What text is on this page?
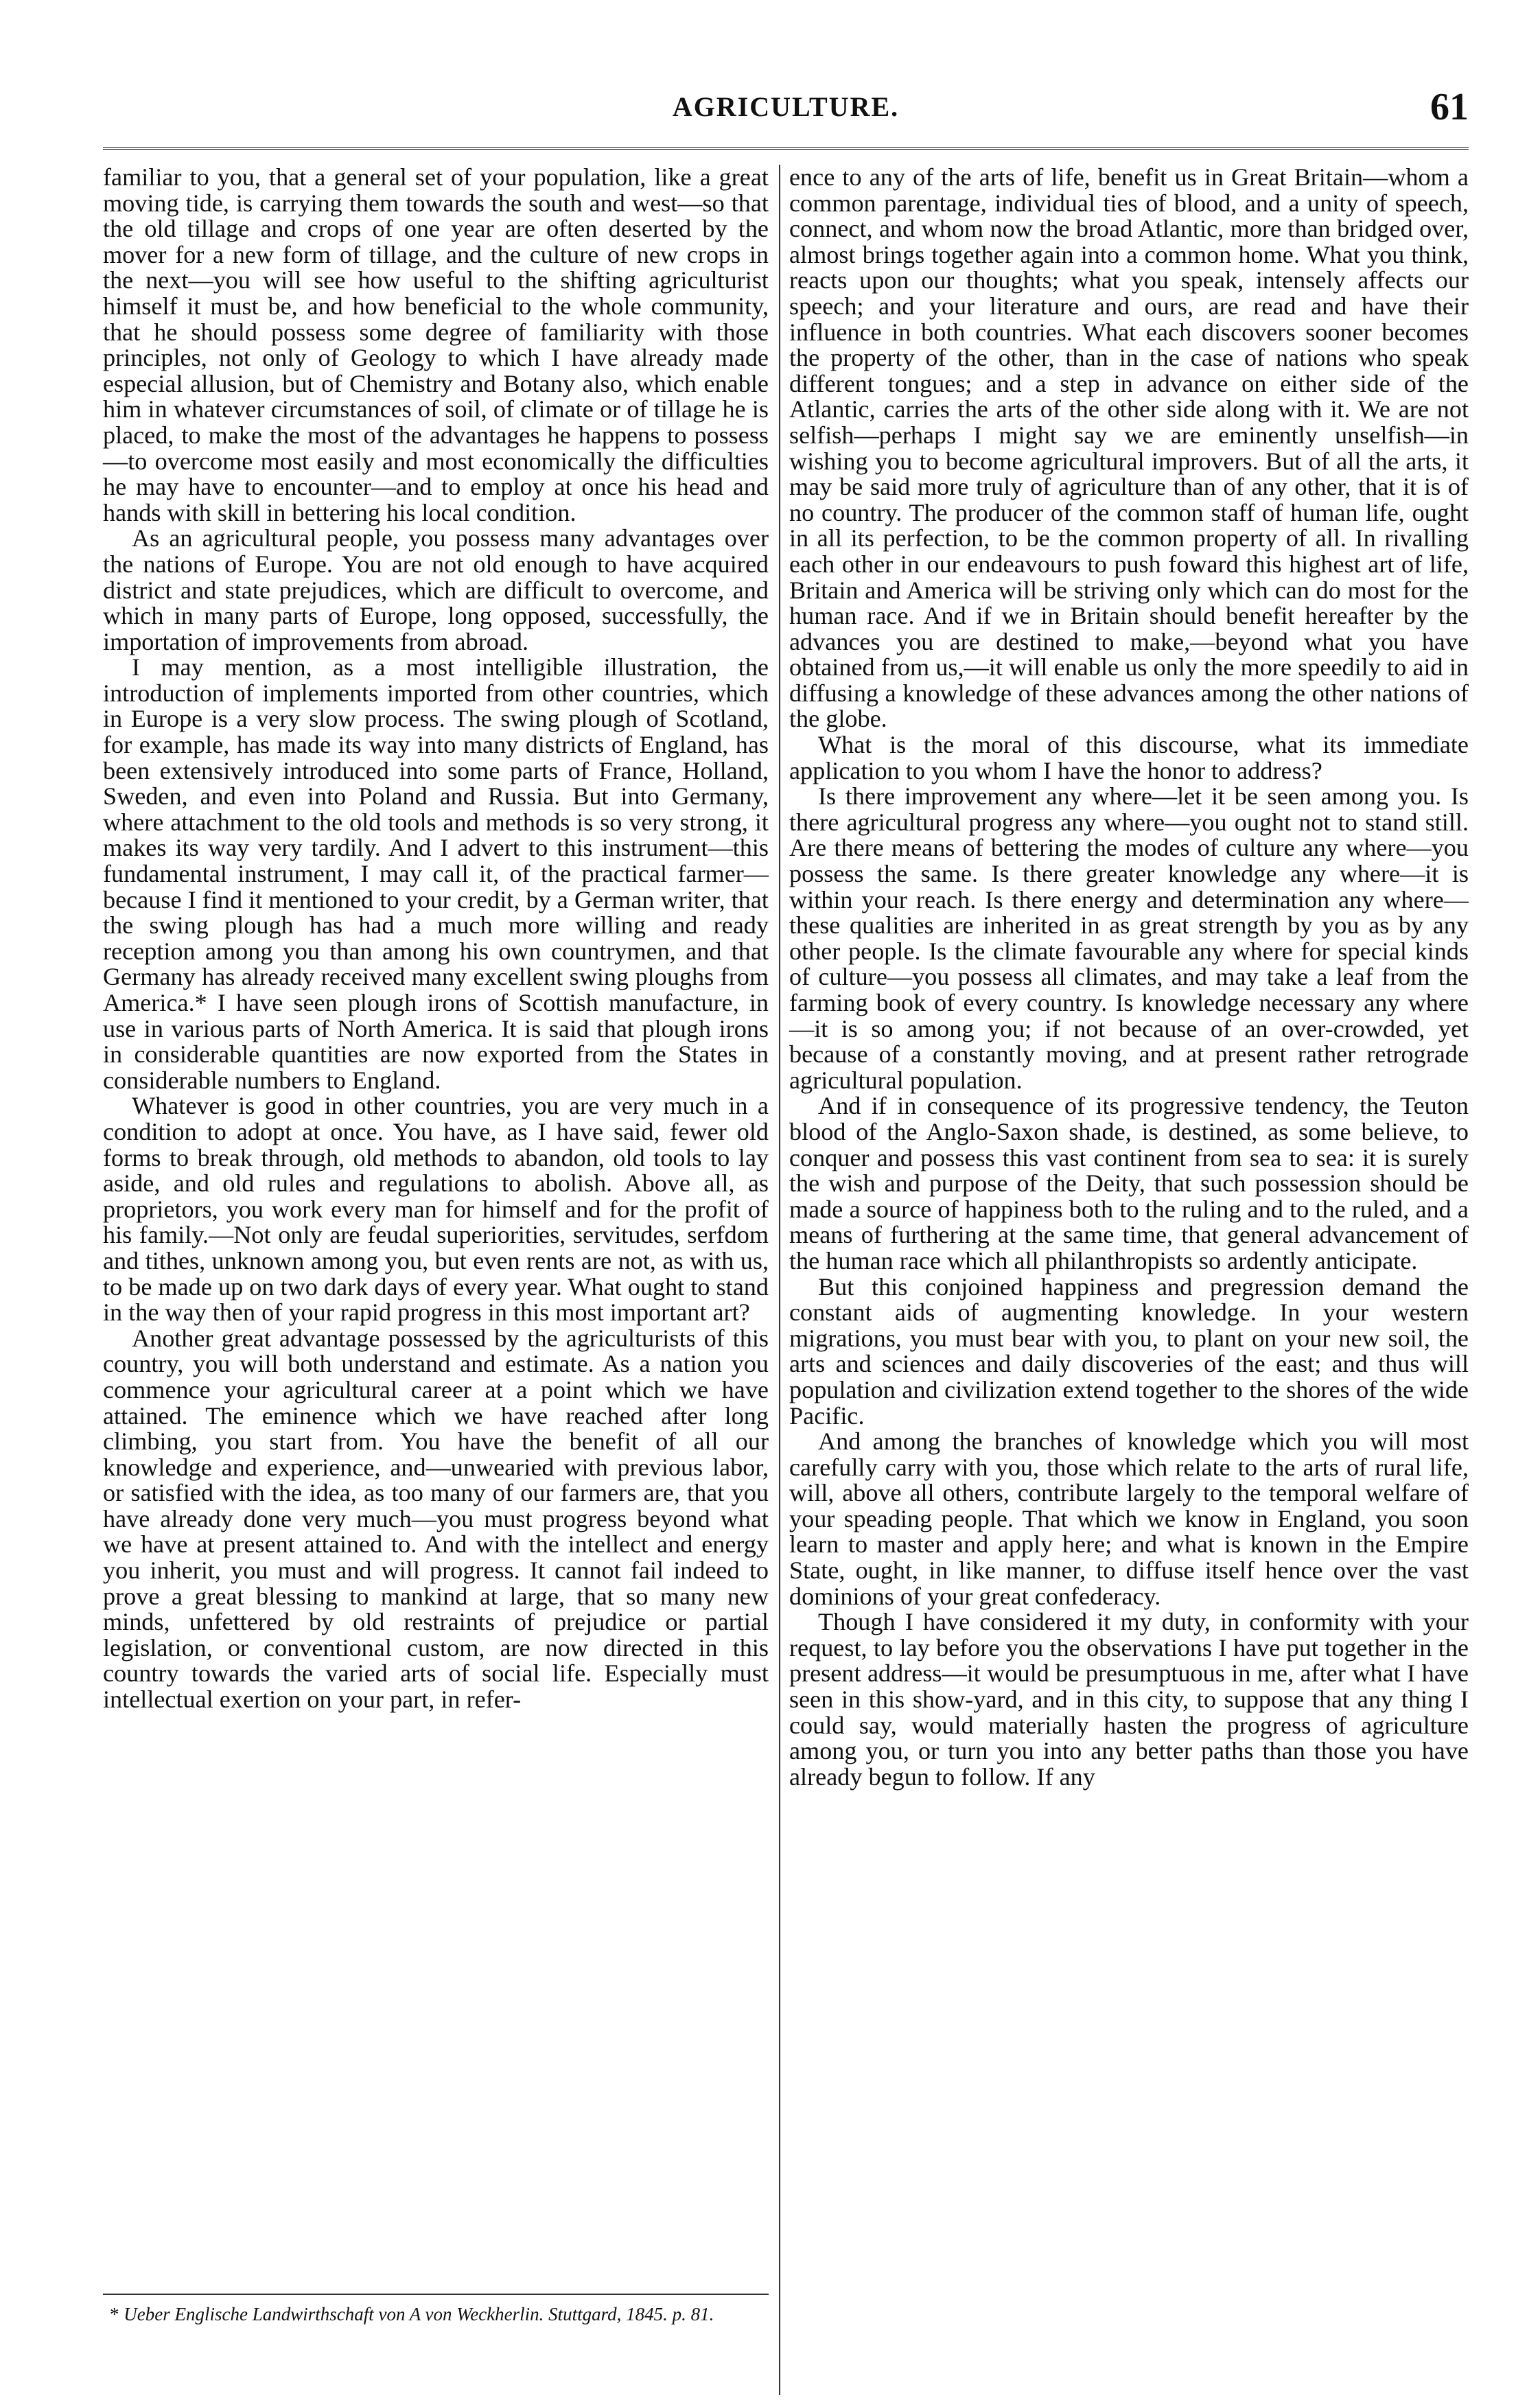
AGRICULTURE.	61

familiar to you, that a general set of your population, like a great moving tide, is carrying them towards the south and west—so that the old tillage and crops of one year are often deserted by the mover for a new form of tillage, and the culture of new crops in the next—you will see how useful to the shifting agriculturist himself it must be, and how beneficial to the whole community, that he should possess some degree of familiarity with those principles, not only of Geology to which I have already made especial allusion, but of Chemistry and Botany also, which enable him in whatever circumstances of soil, of climate or of tillage he is placed, to make the most of the advantages he happens to possess—to overcome most easily and most economically the difficulties he may have to encounter—and to employ at once his head and hands with skill in bettering his local condition.

As an agricultural people, you possess many advantages over the nations of Europe. You are not old enough to have acquired district and state prejudices, which are difficult to overcome, and which in many parts of Europe, long opposed, successfully, the importation of improvements from abroad.

I may mention, as a most intelligible illustration, the introduction of implements imported from other countries, which in Europe is a very slow process. The swing plough of Scotland, for example, has made its way into many districts of England, has been extensively introduced into some parts of France, Holland, Sweden, and even into Poland and Russia. But into Germany, where attachment to the old tools and methods is so very strong, it makes its way very tardily. And I advert to this instrument—this fundamental instrument, I may call it, of the practical farmer—because I find it mentioned to your credit, by a German writer, that the swing plough has had a much more willing and ready reception among you than among his own countrymen, and that Germany has already received many excellent swing ploughs from America.* I have seen plough irons of Scottish manufacture, in use in various parts of North America. It is said that plough irons in considerable quantities are now exported from the States in considerable numbers to England.

Whatever is good in other countries, you are very much in a condition to adopt at once. You have, as I have said, fewer old forms to break through, old methods to abandon, old tools to lay aside, and old rules and regulations to abolish. Above all, as proprietors, you work every man for himself and for the profit of his family.—Not only are feudal superiorities, servitudes, serfdom and tithes, unknown among you, but even rents are not, as with us, to be made up on two dark days of every year. What ought to stand in the way then of your rapid progress in this most important art?

Another great advantage possessed by the agriculturists of this country, you will both understand and estimate. As a nation you commence your agricultural career at a point which we have attained. The eminence which we have reached after long climbing, you start from. You have the benefit of all our knowledge and experience, and—unwearied with previous labor, or satisfied with the idea, as too many of our farmers are, that you have already done very much—you must progress beyond what we have at present attained to. And with the intellect and energy you inherit, you must and will progress. It cannot fail indeed to prove a great blessing to mankind at large, that so many new minds, unfettered by old restraints of prejudice or partial legislation, or conventional custom, are now directed in this country towards the varied arts of social life. Especially must intellectual exertion on your part, in refer-

ence to any of the arts of life, benefit us in Great Britain—whom a common parentage, individual ties of blood, and a unity of speech, connect, and whom now the broad Atlantic, more than bridged over, almost brings together again into a common home. What you think, reacts upon our thoughts; what you speak, intensely affects our speech; and your literature and ours, are read and have their influence in both countries. What each discovers sooner becomes the property of the other, than in the case of nations who speak different tongues; and a step in advance on either side of the Atlantic, carries the arts of the other side along with it. We are not selfish—perhaps I might say we are eminently unselfish—in wishing you to become agricultural improvers. But of all the arts, it may be said more truly of agriculture than of any other, that it is of no country. The producer of the common staff of human life, ought in all its perfection, to be the common property of all. In rivalling each other in our endeavours to push foward this highest art of life, Britain and America will be striving only which can do most for the human race. And if we in Britain should benefit hereafter by the advances you are destined to make,—beyond what you have obtained from us,—it will enable us only the more speedily to aid in diffusing a knowledge of these advances among the other nations of the globe.

What is the moral of this discourse, what its immediate application to you whom I have the honor to address?

Is there improvement any where—let it be seen among you. Is there agricultural progress any where—you ought not to stand still. Are there means of bettering the modes of culture any where—you possess the same. Is there greater knowledge any where—it is within your reach. Is there energy and determination any where—these qualities are inherited in as great strength by you as by any other people. Is the climate favourable any where for special kinds of culture—you possess all climates, and may take a leaf from the farming book of every country. Is knowledge necessary any where—it is so among you; if not because of an over-crowded, yet because of a constantly moving, and at present rather retrograde agricultural population.

And if in consequence of its progressive tendency, the Teuton blood of the Anglo-Saxon shade, is destined, as some believe, to conquer and possess this vast continent from sea to sea: it is surely the wish and purpose of the Deity, that such possession should be made a source of happiness both to the ruling and to the ruled, and a means of furthering at the same time, that general advancement of the human race which all philanthropists so ardently anticipate.

But this conjoined happiness and pregression demand the constant aids of augmenting knowledge. In your western migrations, you must bear with you, to plant on your new soil, the arts and sciences and daily discoveries of the east; and thus will population and civilization extend together to the shores of the wide Pacific.

And among the branches of knowledge which you will most carefully carry with you, those which relate to the arts of rural life, will, above all others, contribute largely to the temporal welfare of your speading people. That which we know in England, you soon learn to master and apply here; and what is known in the Empire State, ought, in like manner, to diffuse itself hence over the vast dominions of your great confederacy.

Though I have considered it my duty, in conformity with your request, to lay before you the observations I have put together in the present address—it would be presumptuous in me, after what I have seen in this show-yard, and in this city, to suppose that any thing I could say, would materially hasten the progress of agriculture among you, or turn you into any better paths than those you have already begun to follow. If any

* Ueber Englische Landwirthschaft von A von Weckherlin. Stuttgard, 1845. p. 81.
